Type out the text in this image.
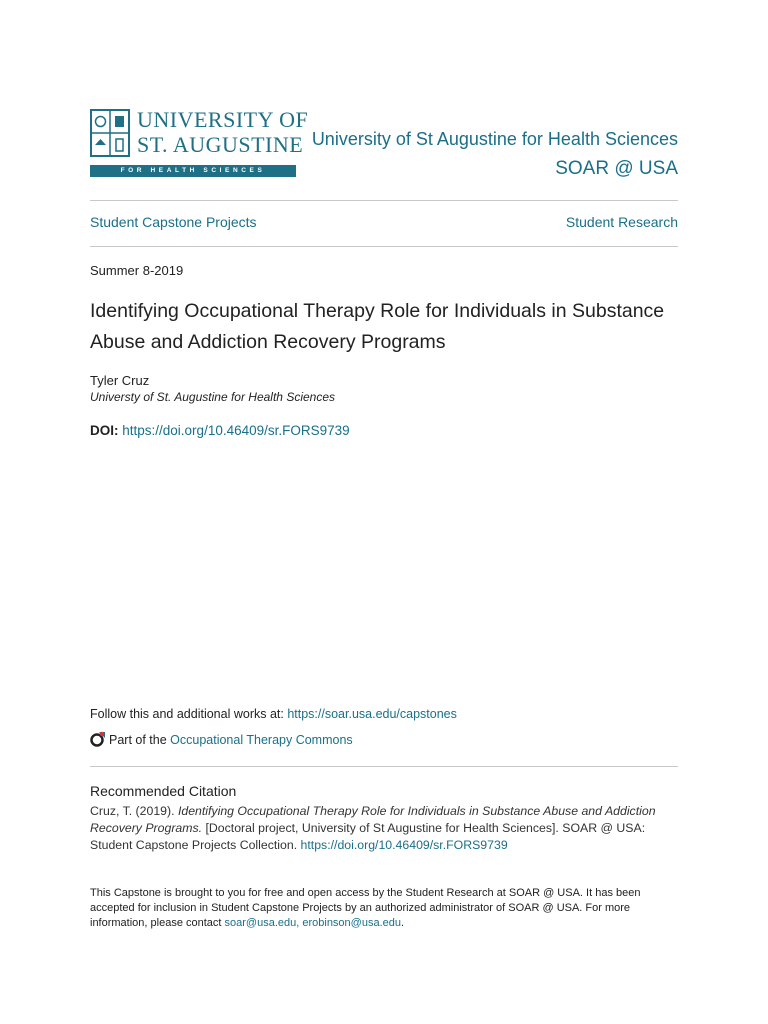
UNIVERSITY OF
ST. AUGUSTINE
FOR HEALTH SCIENCES
University of St Augustine for Health Sciences
SOAR @ USA
Student Capstone Projects	Student Research
Summer 8-2019
Identifying Occupational Therapy Role for Individuals in Substance Abuse and Addiction Recovery Programs
Tyler Cruz
Universty of St. Augustine for Health Sciences
DOI: https://doi.org/10.46409/sr.FORS9739
Follow this and additional works at: https://soar.usa.edu/capstones
Part of the Occupational Therapy Commons
Recommended Citation
Cruz, T. (2019). Identifying Occupational Therapy Role for Individuals in Substance Abuse and Addiction Recovery Programs. [Doctoral project, University of St Augustine for Health Sciences]. SOAR @ USA: Student Capstone Projects Collection. https://doi.org/10.46409/sr.FORS9739
This Capstone is brought to you for free and open access by the Student Research at SOAR @ USA. It has been accepted for inclusion in Student Capstone Projects by an authorized administrator of SOAR @ USA. For more information, please contact soar@usa.edu, erobinson@usa.edu.
